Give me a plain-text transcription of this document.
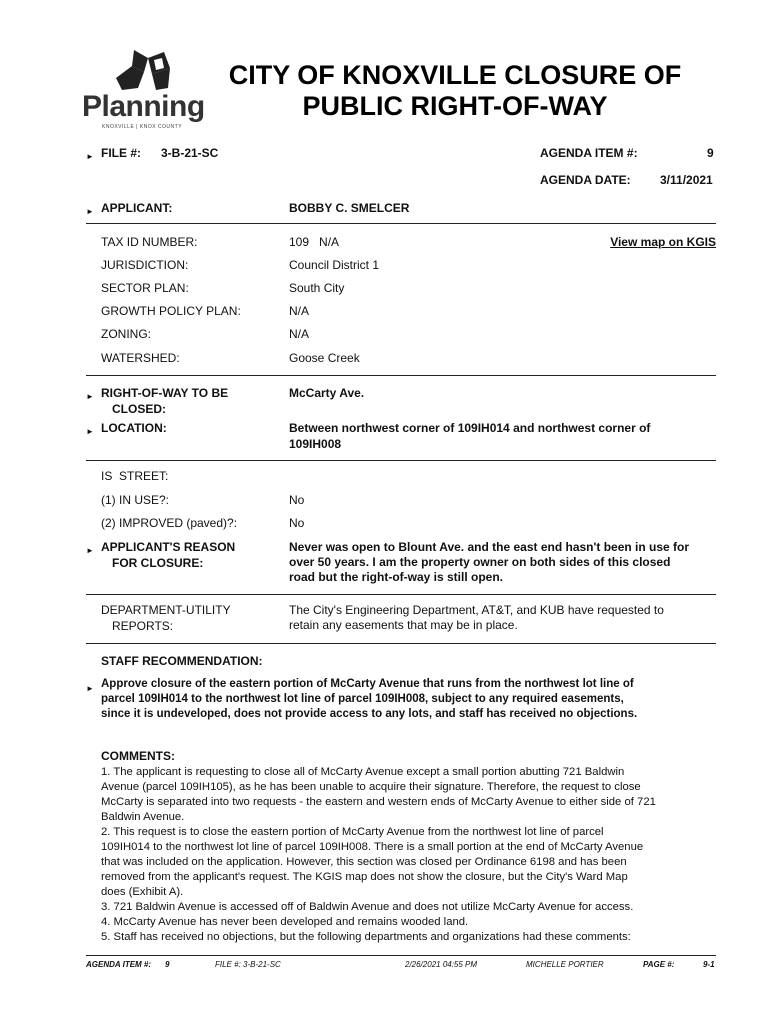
Planning
KNOXVILLE | KNOX COUNTY
CITY OF KNOXVILLE CLOSURE OF
PUBLIC RIGHT-OF-WAY
► FILE #: 3-B-21-SC	AGENDA ITEM #:	9
AGENDA DATE: 3/11/2021
► APPLICANT:	BOBBY C. SMELCER
TAX ID NUMBER:	109   N/A	View map on KGIS
JURISDICTION:	Council District 1
SECTOR PLAN:	South City
GROWTH POLICY PLAN:	N/A
ZONING:	N/A
WATERSHED:	Goose Creek
► RIGHT-OF-WAY TO BE
CLOSED:
McCarty Ave.
► LOCATION:	Between northwest corner of 109IH014 and northwest corner of
109IH008
IS  STREET:
(1) IN USE?:	No
(2) IMPROVED (paved)?:	No
► APPLICANT'S REASON
FOR CLOSURE:
Never was open to Blount Ave. and the east end hasn't been in use for
over 50 years. I am the property owner on both sides of this closed
road but the right-of-way is still open.
DEPARTMENT-UTILITY
REPORTS:
The City's Engineering Department, AT&T, and KUB have requested to
retain any easements that may be in place.
STAFF RECOMMENDATION:
► Approve closure of the eastern portion of McCarty Avenue that runs from the northwest lot line of
parcel 109IH014 to the northwest lot line of parcel 109IH008, subject to any required easements,
since it is undeveloped, does not provide access to any lots, and staff has received no objections.
COMMENTS:
1. The applicant is requesting to close all of McCarty Avenue except a small portion abutting 721 Baldwin
Avenue (parcel 109IH105), as he has been unable to acquire their signature. Therefore, the request to close
McCarty is separated into two requests - the eastern and western ends of McCarty Avenue to either side of 721
Baldwin Avenue.
2. This request is to close the eastern portion of McCarty Avenue from the northwest lot line of parcel
109IH014 to the northwest lot line of parcel 109IH008. There is a small portion at the end of McCarty Avenue
that was included on the application. However, this section was closed per Ordinance 6198 and has been
removed from the applicant's request. The KGIS map does not show the closure, but the City's Ward Map
does (Exhibit A).
3. 721 Baldwin Avenue is accessed off of Baldwin Avenue and does not utilize McCarty Avenue for access.
4. McCarty Avenue has never been developed and remains wooded land.
5. Staff has received no objections, but the following departments and organizations had these comments:
AGENDA ITEM #: 9	FILE #: 3-B-21-SC	2/26/2021 04:55 PM	MICHELLE PORTIER	PAGE #:	9-1
